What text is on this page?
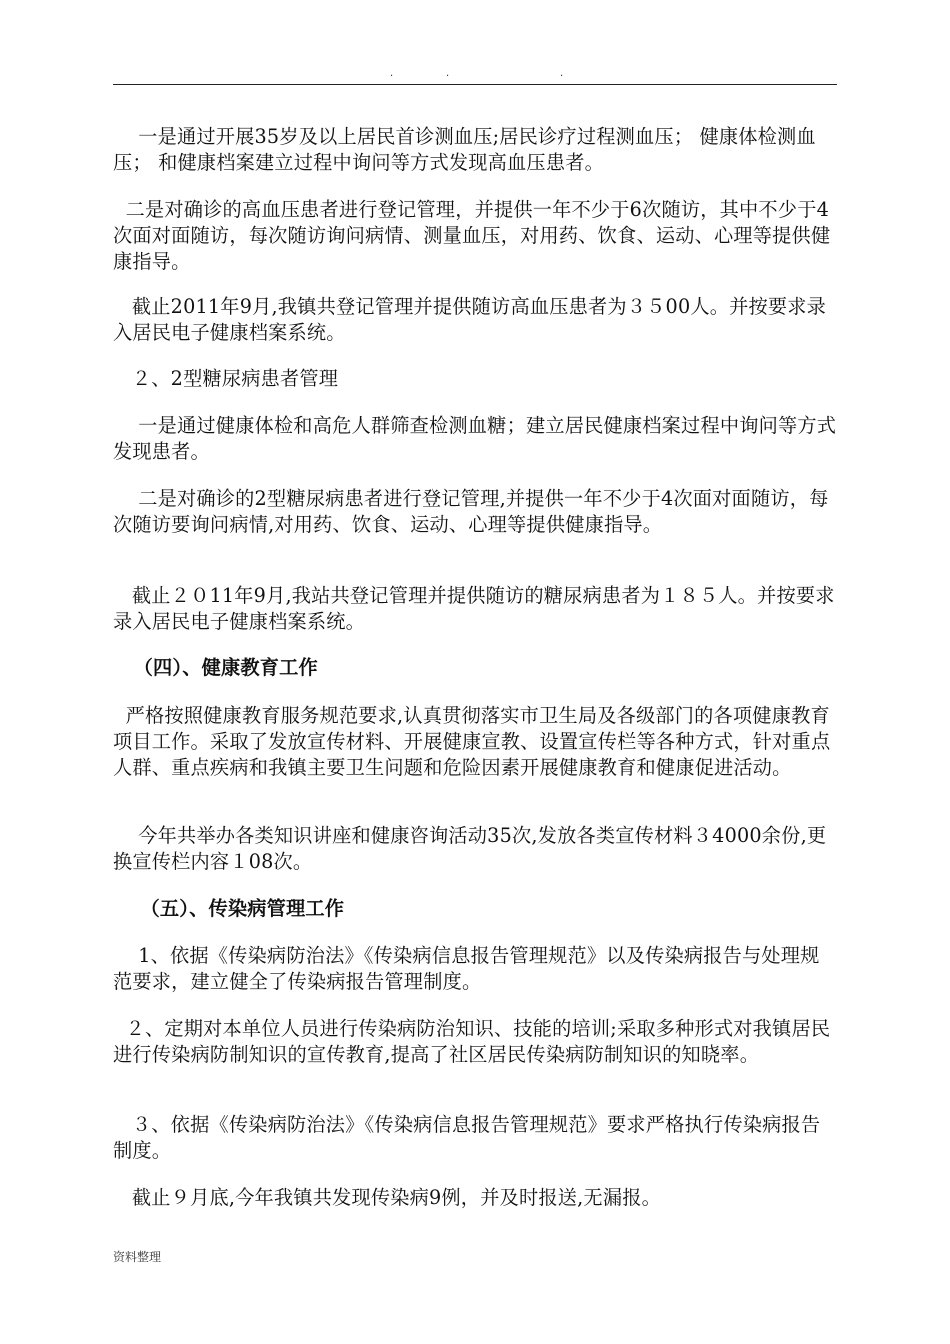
.	.	.

一是通过开展35岁及以上居民首诊测血压;居民诊疗过程测血压； 健康体检测血压； 和健康档案建立过程中询问等方式发现高血压患者。

二是对确诊的高血压患者进行登记管理，并提供一年不少于6次随访，其中不少于4次面对面随访，每次随访询问病情、测量血压，对用药、饮食、运动、心理等提供健康指导。

截止2011年9月,我镇共登记管理并提供随访高血压患者为３５00人。并按要求录入居民电子健康档案系统。

２、2型糖尿病患者管理

一是通过健康体检和高危人群筛查检测血糖；建立居民健康档案过程中询问等方式发现患者。

二是对确诊的2型糖尿病患者进行登记管理,并提供一年不少于4次面对面随访，每次随访要询问病情,对用药、饮食、运动、心理等提供健康指导。

截止２０11年9月,我站共登记管理并提供随访的糖尿病患者为１８５人。并按要求录入居民电子健康档案系统。

（四）、健康教育工作

严格按照健康教育服务规范要求,认真贯彻落实市卫生局及各级部门的各项健康教育项目工作。采取了发放宣传材料、开展健康宣教、设置宣传栏等各种方式，针对重点人群、重点疾病和我镇主要卫生问题和危险因素开展健康教育和健康促进活动。

今年共举办各类知识讲座和健康咨询活动35次,发放各类宣传材料３4000余份,更换宣传栏内容１08次。

（五）、传染病管理工作

1、依据《传染病防治法》《传染病信息报告管理规范》以及传染病报告与处理规范要求，建立健全了传染病报告管理制度。

２、定期对本单位人员进行传染病防治知识、技能的培训;采取多种形式对我镇居民进行传染病防制知识的宣传教育,提高了社区居民传染病防制知识的知晓率。

３、依据《传染病防治法》《传染病信息报告管理规范》要求严格执行传染病报告制度。

截止９月底,今年我镇共发现传染病9例，并及时报送,无漏报。

资料整理
